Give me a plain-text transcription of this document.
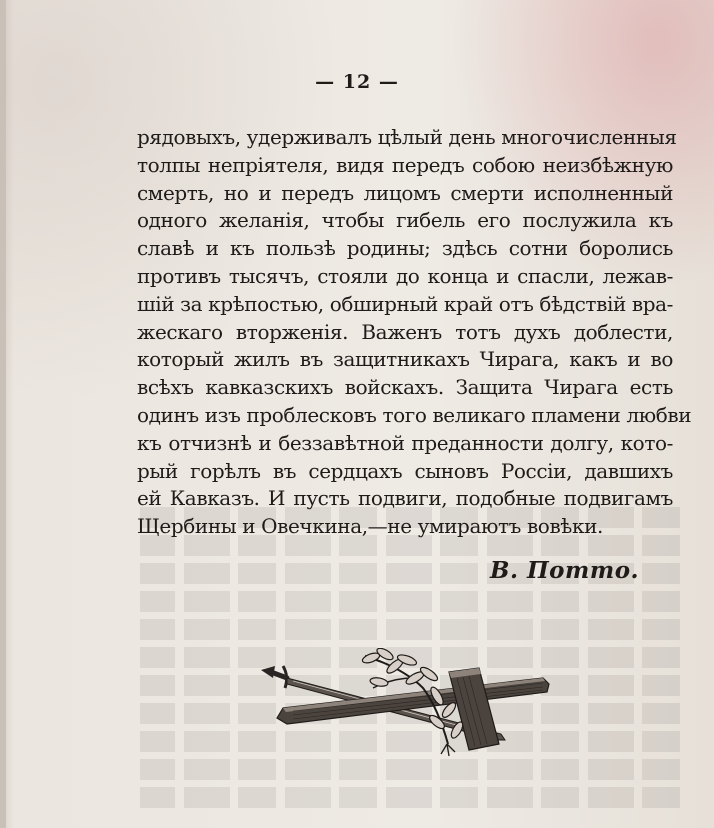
— 12 —
рядовыхъ, удерживалъ цѣлый день многочисленныя
толпы непріятеля, видя передъ собою неизбѣжную
смерть, но и передъ лицомъ смерти исполненный
одного желанія, чтобы гибель его послужила къ
славѣ и къ пользѣ родины; здѣсь сотни боролись
противъ тысячъ, стояли до конца и спасли, лежав-
шій за крѣпостью, обширный край отъ бѣдствій вра-
жескаго вторженія. Важенъ тотъ духъ доблести,
который жилъ въ защитникахъ Чирага, какъ и во
всѣхъ кавказскихъ войскахъ. Защита Чирага есть
одинъ изъ проблесковъ того великаго пламени любви
къ отчизнѣ и беззавѣтной преданности долгу, кото-
рый горѣлъ въ сердцахъ сыновъ Россіи, давшихъ
ей Кавказъ. И пусть подвиги, подобные подвигамъ
Щербины и Овечкина,—не умираютъ вовѣки.
В. Потто.
